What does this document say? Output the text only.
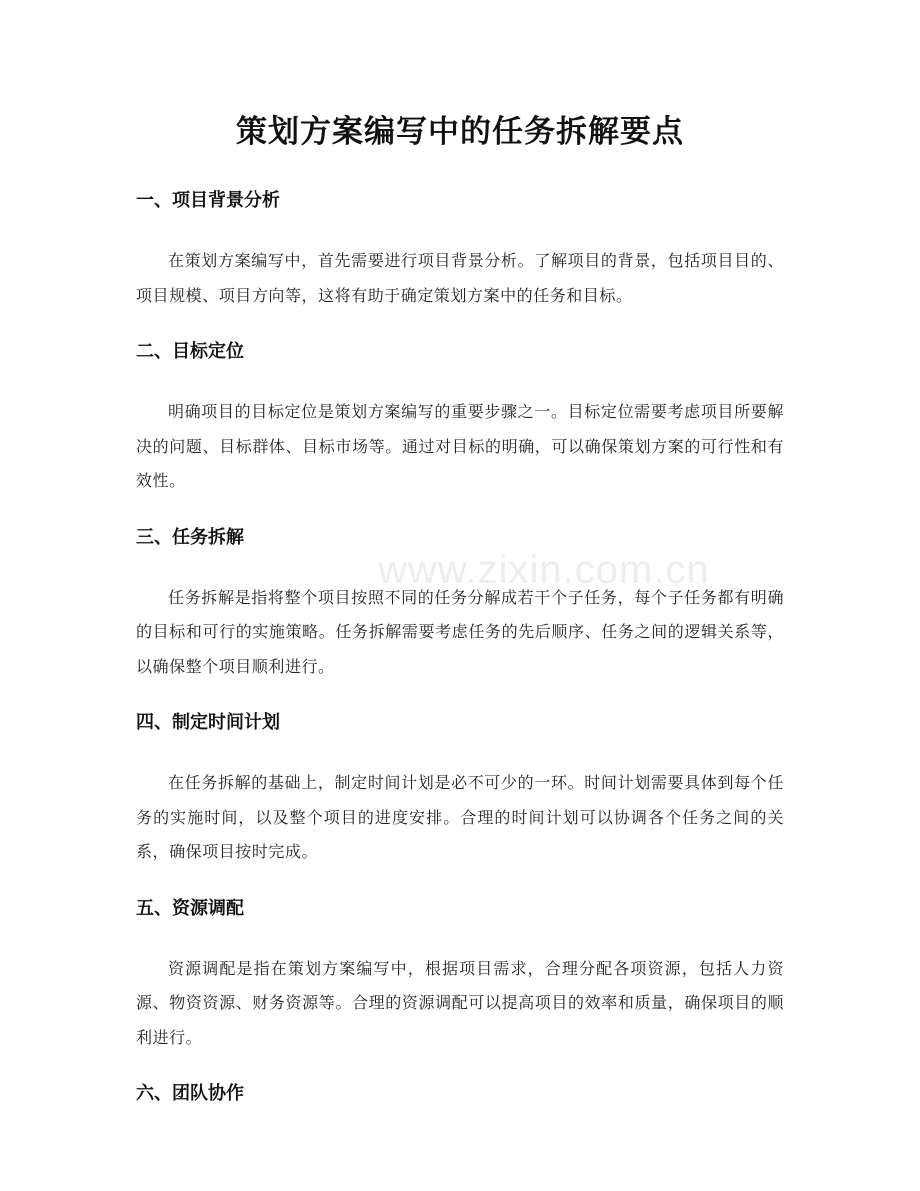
策划方案编写中的任务拆解要点
一、项目背景分析

在策划方案编写中，首先需要进行项目背景分析。了解项目的背景，包括项目目的、项目规模、项目方向等，这将有助于确定策划方案中的任务和目标。

二、目标定位

明确项目的目标定位是策划方案编写的重要步骤之一。目标定位需要考虑项目所要解决的问题、目标群体、目标市场等。通过对目标的明确，可以确保策划方案的可行性和有效性。

三、任务拆解

任务拆解是指将整个项目按照不同的任务分解成若干个子任务，每个子任务都有明确的目标和可行的实施策略。任务拆解需要考虑任务的先后顺序、任务之间的逻辑关系等，以确保整个项目顺利进行。

四、制定时间计划

在任务拆解的基础上，制定时间计划是必不可少的一环。时间计划需要具体到每个任务的实施时间，以及整个项目的进度安排。合理的时间计划可以协调各个任务之间的关系，确保项目按时完成。

五、资源调配

资源调配是指在策划方案编写中，根据项目需求，合理分配各项资源，包括人力资源、物资资源、财务资源等。合理的资源调配可以提高项目的效率和质量，确保项目的顺利进行。

六、团队协作
www.zixin.com.cn
